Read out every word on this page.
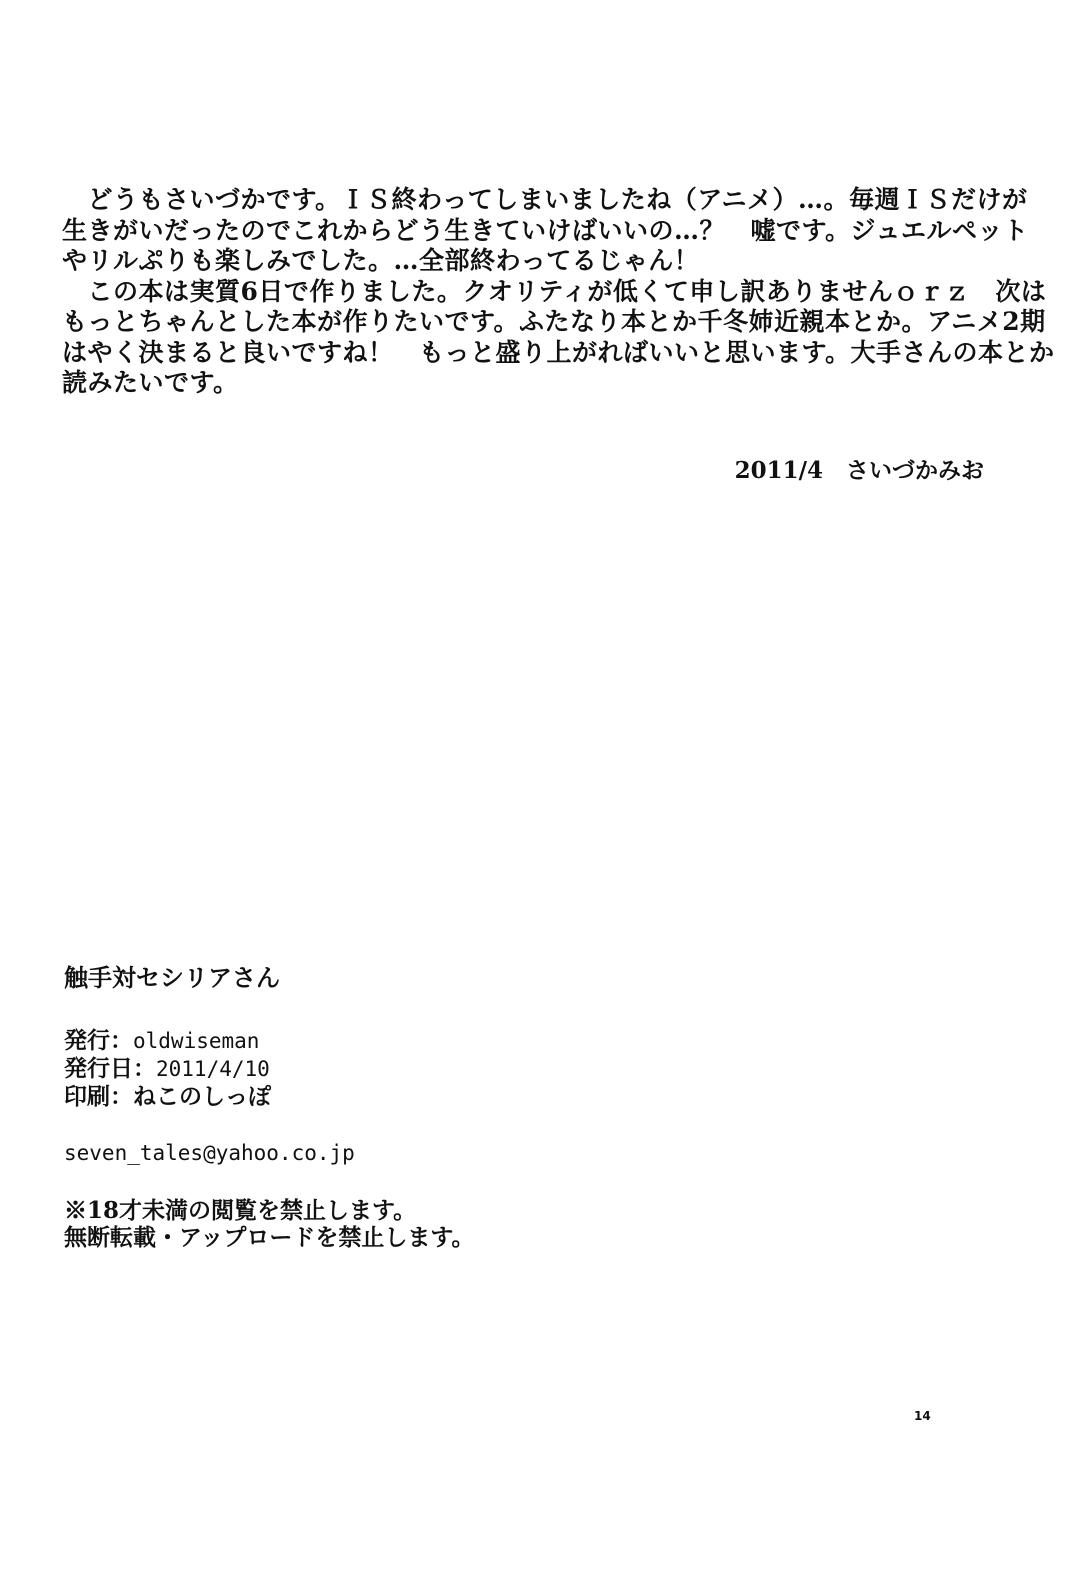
　どうもさいづかです。ＩＳ終わってしまいましたね（アニメ）…。毎週ＩＳだけが
生きがいだったのでこれからどう生きていけばいいの…？　嘘です。ジュエルペット
やリルぷりも楽しみでした。…全部終わってるじゃん！
　この本は実質6日で作りました。クオリティが低くて申し訳ありませんｏｒｚ　次は
もっとちゃんとした本が作りたいです。ふたなり本とか千冬姉近親本とか。アニメ2期
はやく決まると良いですね！　もっと盛り上がればいいと思います。大手さんの本とか
読みたいです。
2011/4　さいづかみお
触手対セシリアさん
発行：oldwiseman
発行日：2011/4/10
印刷：ねこのしっぽ
seven_tales@yahoo.co.jp
※18才未満の閲覧を禁止します。
無断転載・アップロードを禁止します。
14
